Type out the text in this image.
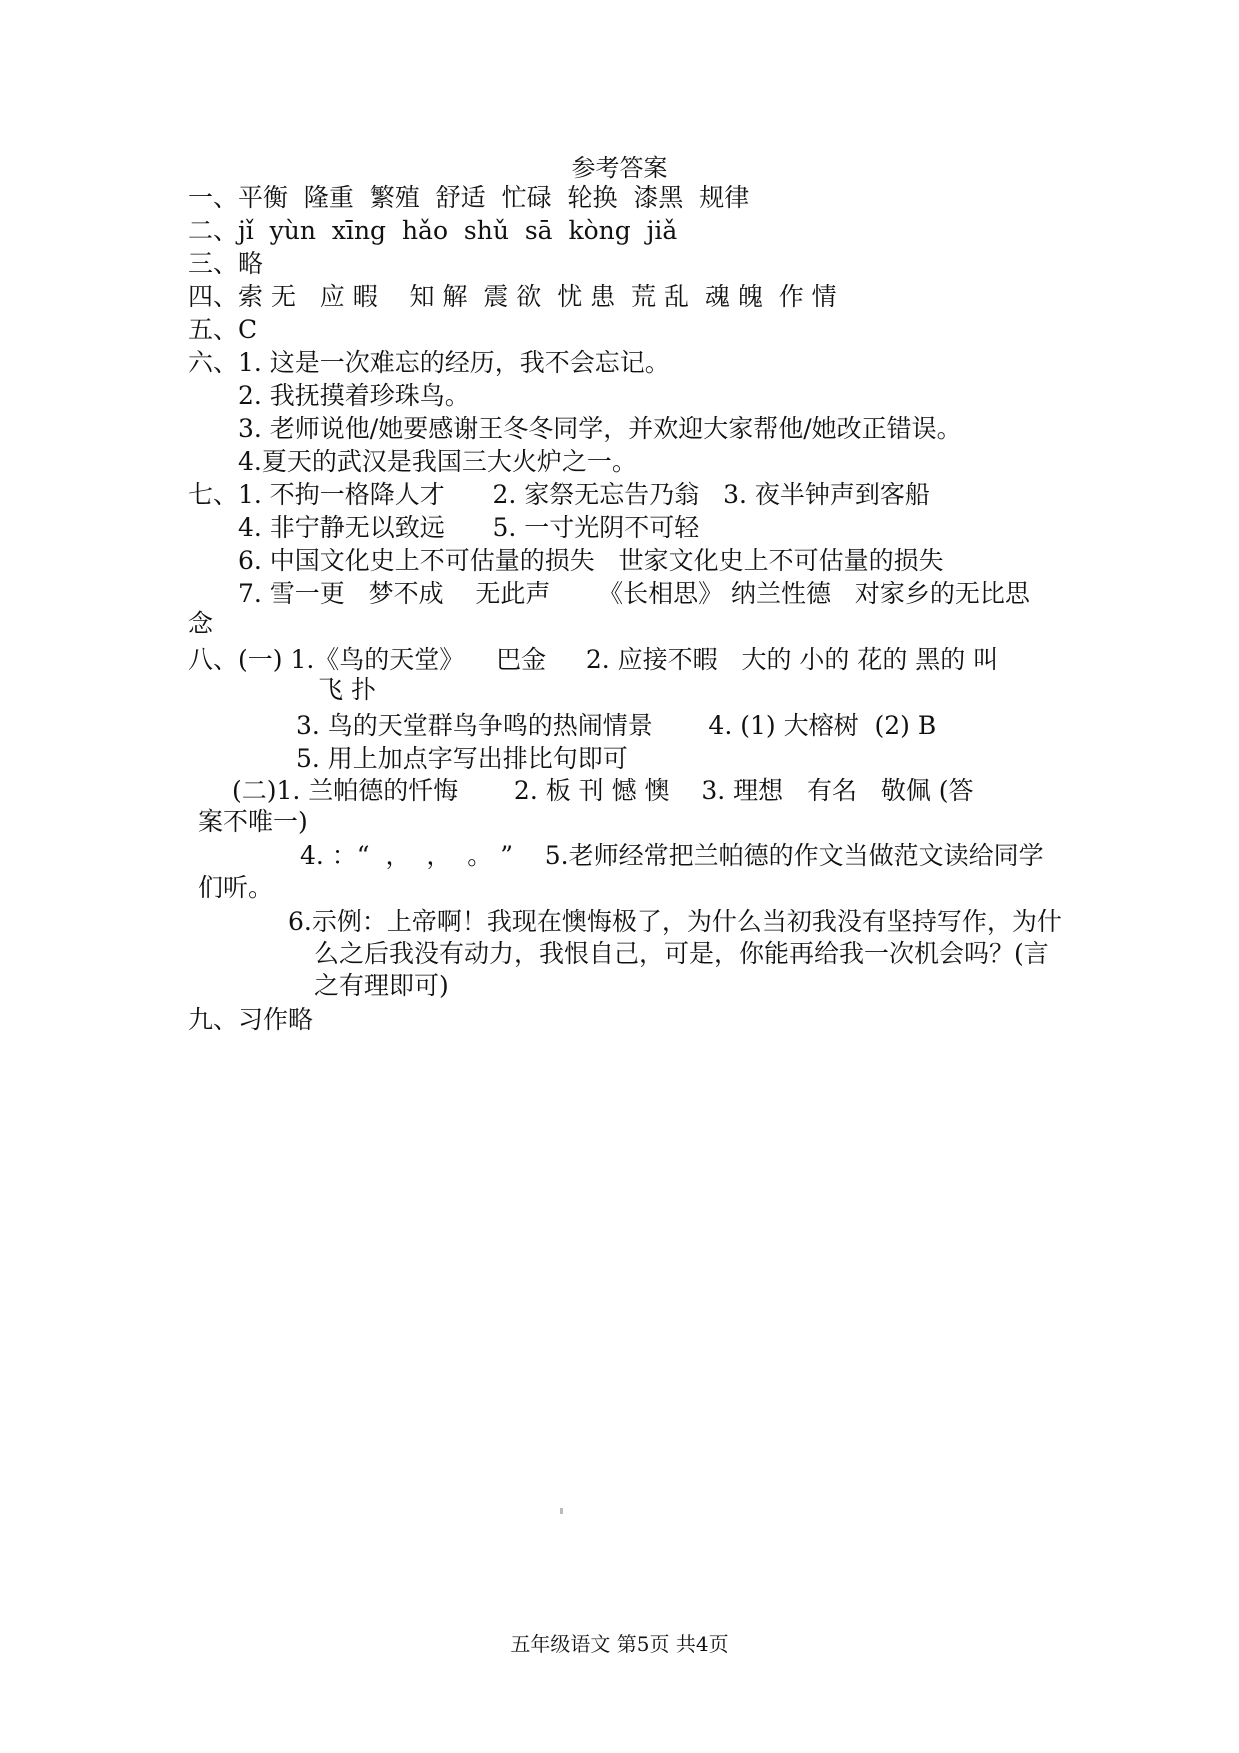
参考答案
一、平衡  隆重  繁殖  舒适  忙碌  轮换  漆黑  规律
二、jǐ  yùn  xīng  hǎo  shǔ  sā  kòng  jiǎ
三、略
四、索 无   应 暇    知 解  震 欲  忧 患  荒 乱  魂 魄  作 情
五、C
六、1. 这是一次难忘的经历，我不会忘记。
2. 我抚摸着珍珠鸟。
3. 老师说他/她要感谢王冬冬同学，并欢迎大家帮他/她改正错误。
4.夏天的武汉是我国三大火炉之一。
七、1. 不拘一格降人才      2. 家祭无忘告乃翁   3. 夜半钟声到客船
4. 非宁静无以致远      5. 一寸光阴不可轻
6. 中国文化史上不可估量的损失   世家文化史上不可估量的损失
7. 雪一更   梦不成    无此声      《长相思》 纳兰性德   对家乡的无比思
念
八、(一) 1.《鸟的天堂》    巴金     2. 应接不暇   大的 小的 花的 黑的 叫
飞 扑
3. 鸟的天堂群鸟争鸣的热闹情景       4. (1) 大榕树  (2) B
5. 用上加点字写出排比句即可
(二)1. 兰帕德的忏悔       2. 板 刊 憾 懊    3. 理想   有名   敬佩 (答
案不唯一)
4. ：“  ，  ，  。 ”    5.老师经常把兰帕德的作文当做范文读给同学
们听。
6.示例：上帝啊！我现在懊悔极了，为什么当初我没有坚持写作，为什
么之后我没有动力，我恨自己，可是，你能再给我一次机会吗？(言
之有理即可)
九、习作略
五年级语文 第5页 共4页
